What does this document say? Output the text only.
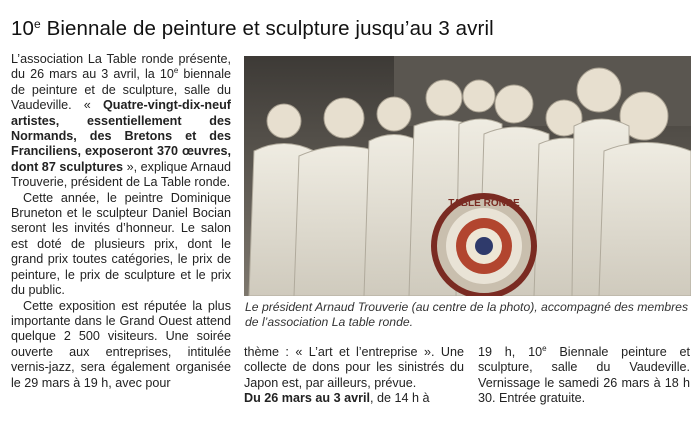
10e Biennale de peinture et sculpture jusqu’au 3 avril

L’association La Table ronde présente, du 26 mars au 3 avril, la 10e biennale de peinture et de sculpture, salle du Vaudeville. « Quatre-vingt-dix-neuf artistes, essentiellement des Normands, des Bretons et des Franciliens, exposeront 370 œuvres, dont 87 sculptures », explique Arnaud Trouverie, président de La Table ronde.

Cette année, le peintre Dominique Bruneton et le sculpteur Daniel Bocian seront les invités d’honneur. Le salon est doté de plusieurs prix, dont le grand prix toutes catégories, le prix de peinture, le prix de sculpture et le prix du public.

Cette exposition est réputée la plus importante dans le Grand Ouest attend quelque 2 500 visiteurs. Une soirée ouverte aux entreprises, intitulée vernis-jazz, sera également organisée le 29 mars à 19 h, avec pour

TABLE RONDE
Le président Arnaud Trouverie (au centre de la photo), accompagné des membres de l’association La table ronde.

thème : « L’art et l’entreprise ». Une collecte de dons pour les sinistrés du Japon est, par ailleurs, prévue.
Du 26 mars au 3 avril, de 14 h à

19 h, 10e Biennale peinture et sculpture, salle du Vaudeville. Vernissage le samedi 26 mars à 18 h 30. Entrée gratuite.
